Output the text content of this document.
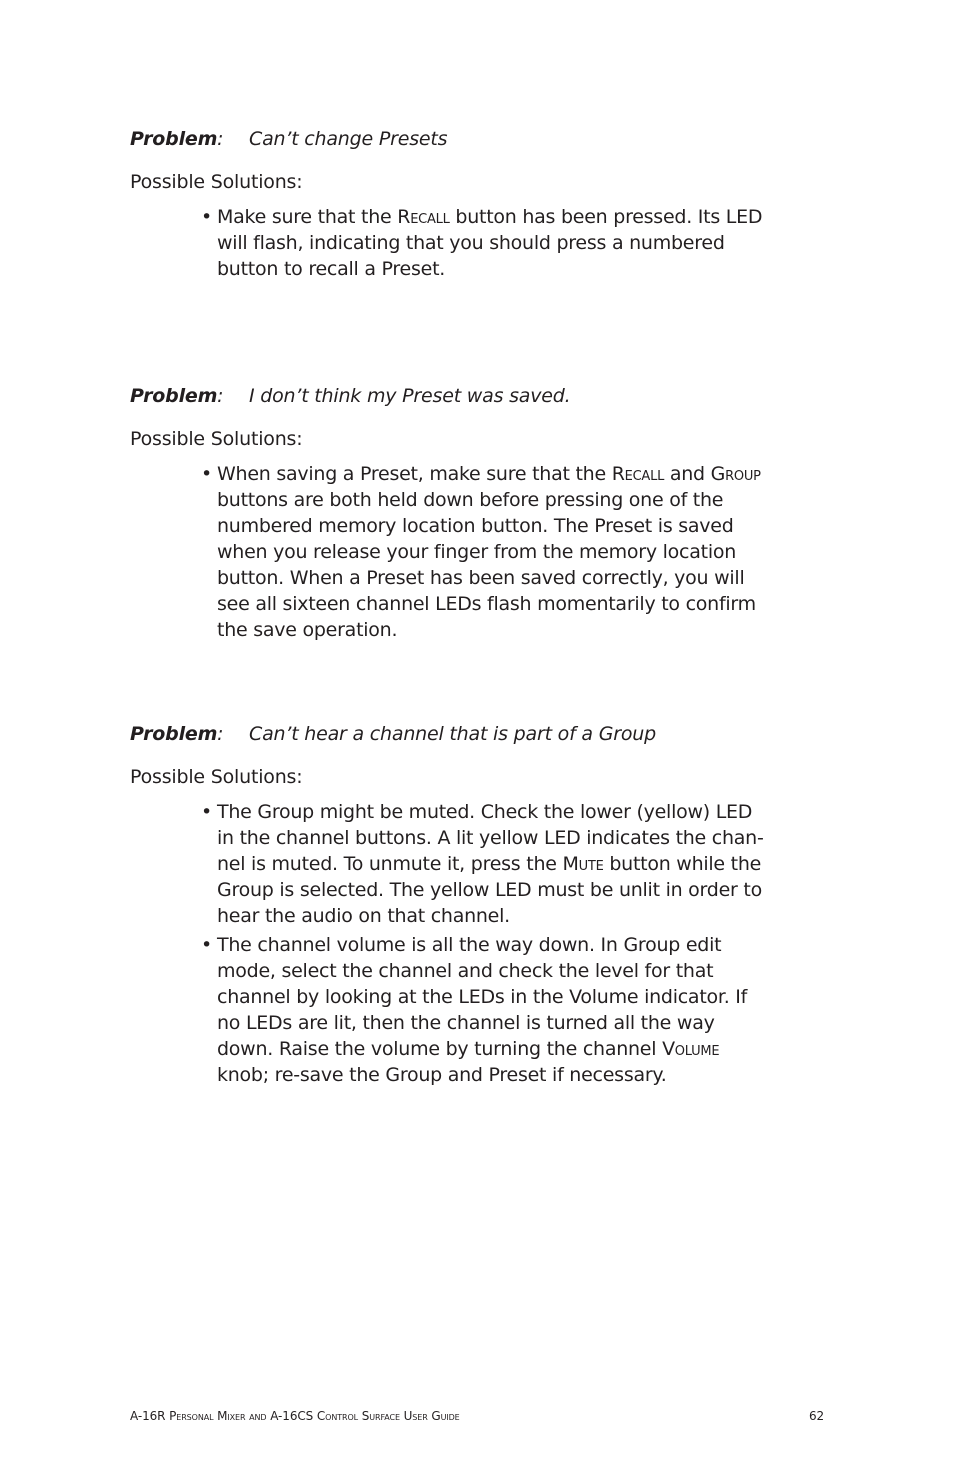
Problem: Can’t change Presets
Possible Solutions:
• Make sure that the Recall button has been pressed. Its LED will flash, indicating that you should press a numbered button to recall a Preset.
Problem: I don’t think my Preset was saved.
Possible Solutions:
• When saving a Preset, make sure that the Recall and Group buttons are both held down before pressing one of the numbered memory location button. The Preset is saved when you release your finger from the memory location button. When a Preset has been saved correctly, you will see all sixteen channel LEDs flash momentarily to confirm the save operation.
Problem: Can’t hear a channel that is part of a Group
Possible Solutions:
• The Group might be muted. Check the lower (yellow) LED in the channel buttons. A lit yellow LED indicates the channel is muted. To unmute it, press the Mute button while the Group is selected. The yellow LED must be unlit in order to hear the audio on that channel.
• The channel volume is all the way down. In Group edit mode, select the channel and check the level for that channel by looking at the LEDs in the Volume indicator. If no LEDs are lit, then the channel is turned all the way down. Raise the volume by turning the channel Volume knob; re-save the Group and Preset if necessary.
A-16R Personal Mixer and A-16CS Control Surface User Guide	62
